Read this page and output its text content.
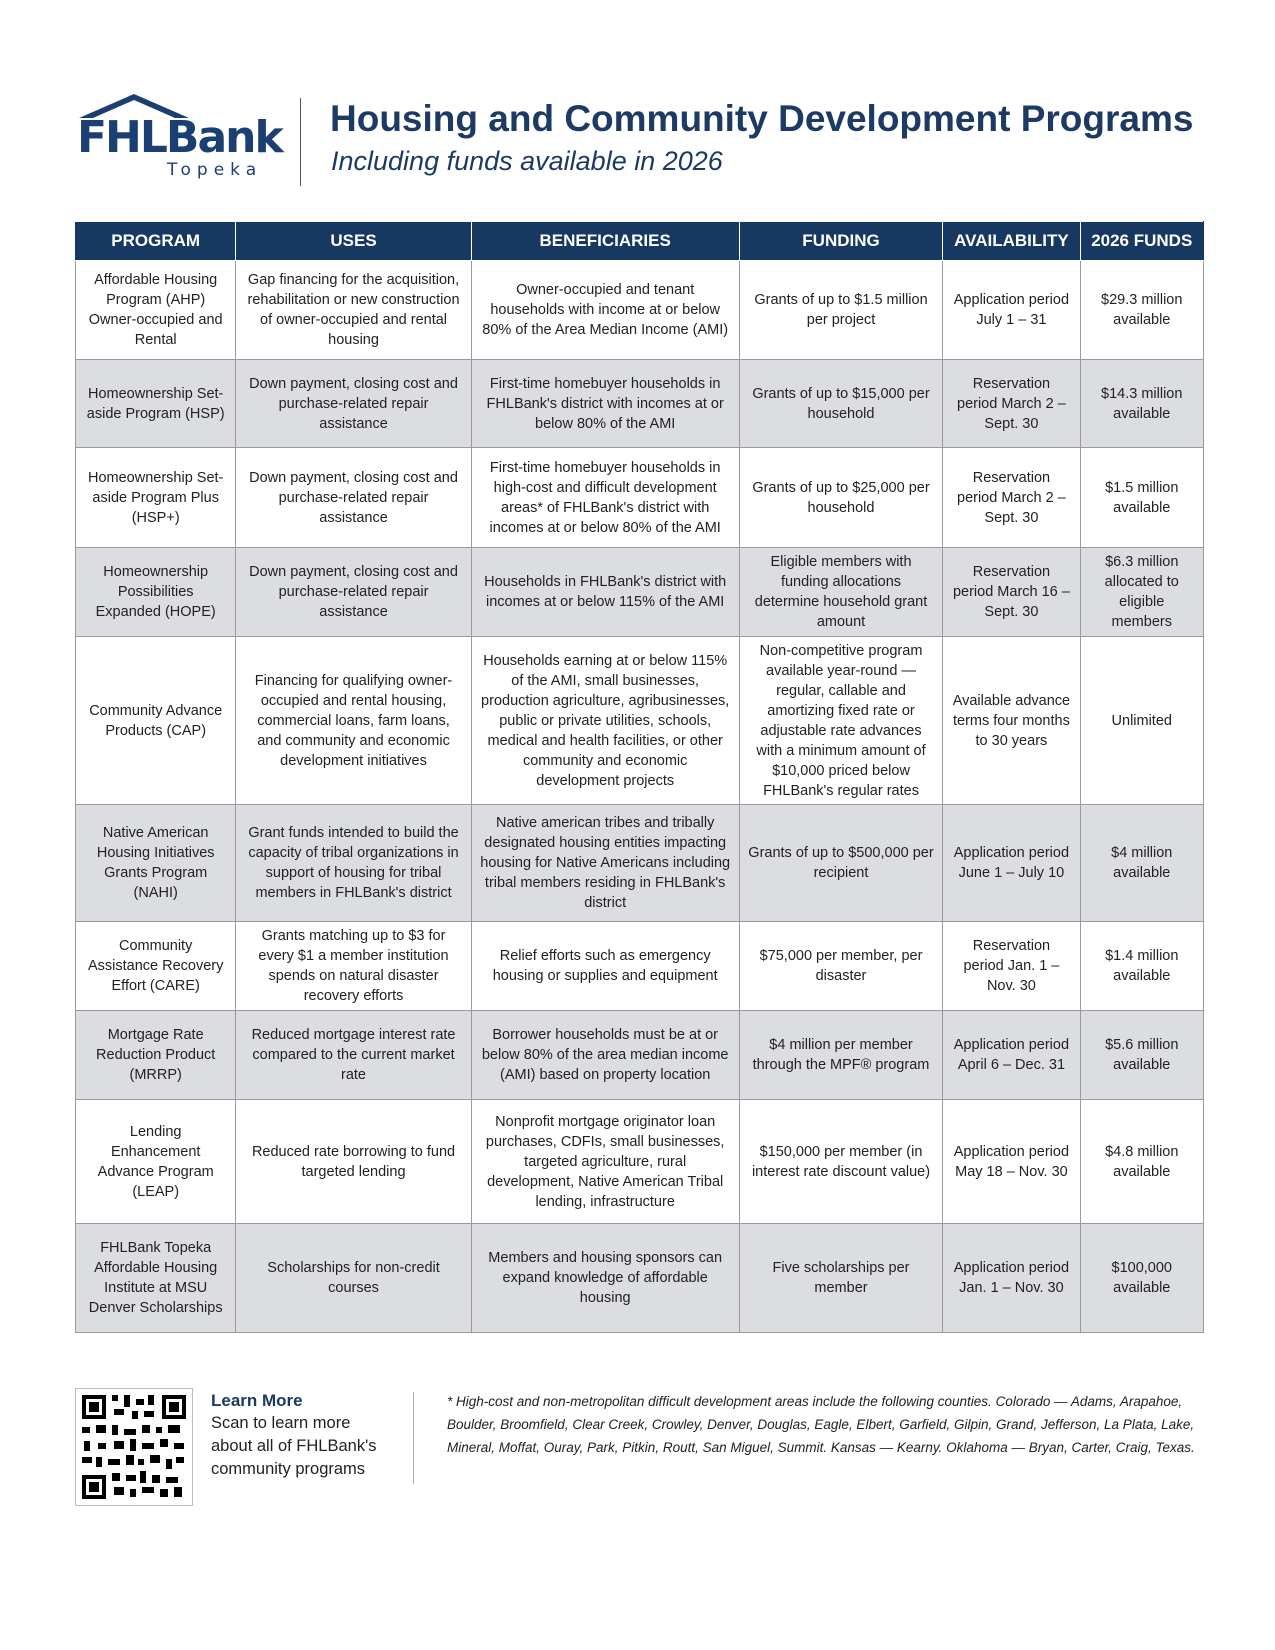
FHLBank
Topeka
Housing and Community Development Programs
Including funds available in 2026
PROGRAM	USES	BENEFICIARIES	FUNDING	AVAILABILITY	2026 FUNDS
Affordable Housing Program (AHP) Owner-occupied and Rental	Gap financing for the acquisition, rehabilitation or new construction of owner-occupied and rental housing	Owner-occupied and tenant households with income at or below 80% of the Area Median Income (AMI)	Grants of up to $1.5 million per project	Application period July 1 – 31	$29.3 million available
Homeownership Set-aside Program (HSP)	Down payment, closing cost and purchase-related repair assistance	First-time homebuyer households in FHLBank's district with incomes at or below 80% of the AMI	Grants of up to $15,000 per household	Reservation period March 2 – Sept. 30	$14.3 million available
Homeownership Set-aside Program Plus (HSP+)	Down payment, closing cost and purchase-related repair assistance	First-time homebuyer households in high-cost and difficult development areas* of FHLBank's district with incomes at or below 80% of the AMI	Grants of up to $25,000 per household	Reservation period March 2 – Sept. 30	$1.5 million available
Homeownership Possibilities Expanded (HOPE)	Down payment, closing cost and purchase-related repair assistance	Households in FHLBank's district with incomes at or below 115% of the AMI	Eligible members with funding allocations determine household grant amount	Reservation period March 16 – Sept. 30	$6.3 million allocated to eligible members
Community Advance Products (CAP)	Financing for qualifying owner-occupied and rental housing, commercial loans, farm loans, and community and economic development initiatives	Households earning at or below 115% of the AMI, small businesses, production agriculture, agribusinesses, public or private utilities, schools, medical and health facilities, or other community and economic development projects	Non-competitive program available year-round — regular, callable and amortizing fixed rate or adjustable rate advances with a minimum amount of $10,000 priced below FHLBank's regular rates	Available advance terms four months to 30 years	Unlimited
Native American Housing Initiatives Grants Program (NAHI)	Grant funds intended to build the capacity of tribal organizations in support of housing for tribal members in FHLBank's district	Native american tribes and tribally designated housing entities impacting housing for Native Americans including tribal members residing in FHLBank's district	Grants of up to $500,000 per recipient	Application period June 1 – July 10	$4 million available
Community Assistance Recovery Effort (CARE)	Grants matching up to $3 for every $1 a member institution spends on natural disaster recovery efforts	Relief efforts such as emergency housing or supplies and equipment	$75,000 per member, per disaster	Reservation period Jan. 1 – Nov. 30	$1.4 million available
Mortgage Rate Reduction Product (MRRP)	Reduced mortgage interest rate compared to the current market rate	Borrower households must be at or below 80% of the area median income (AMI) based on property location	$4 million per member through the MPF® program	Application period April 6 – Dec. 31	$5.6 million available
Lending Enhancement Advance Program (LEAP)	Reduced rate borrowing to fund targeted lending	Nonprofit mortgage originator loan purchases, CDFIs, small businesses, targeted agriculture, rural development, Native American Tribal lending, infrastructure	$150,000 per member (in interest rate discount value)	Application period May 18 – Nov. 30	$4.8 million available
FHLBank Topeka Affordable Housing Institute at MSU Denver Scholarships	Scholarships for non-credit courses	Members and housing sponsors can expand knowledge of affordable housing	Five scholarships per member	Application period Jan. 1 – Nov. 30	$100,000 available
Learn More
Scan to learn more about all of FHLBank's community programs
* High-cost and non-metropolitan difficult development areas include the following counties. Colorado — Adams, Arapahoe, Boulder, Broomfield, Clear Creek, Crowley, Denver, Douglas, Eagle, Elbert, Garfield, Gilpin, Grand, Jefferson, La Plata, Lake, Mineral, Moffat, Ouray, Park, Pitkin, Routt, San Miguel, Summit. Kansas — Kearny. Oklahoma — Bryan, Carter, Craig, Texas.
